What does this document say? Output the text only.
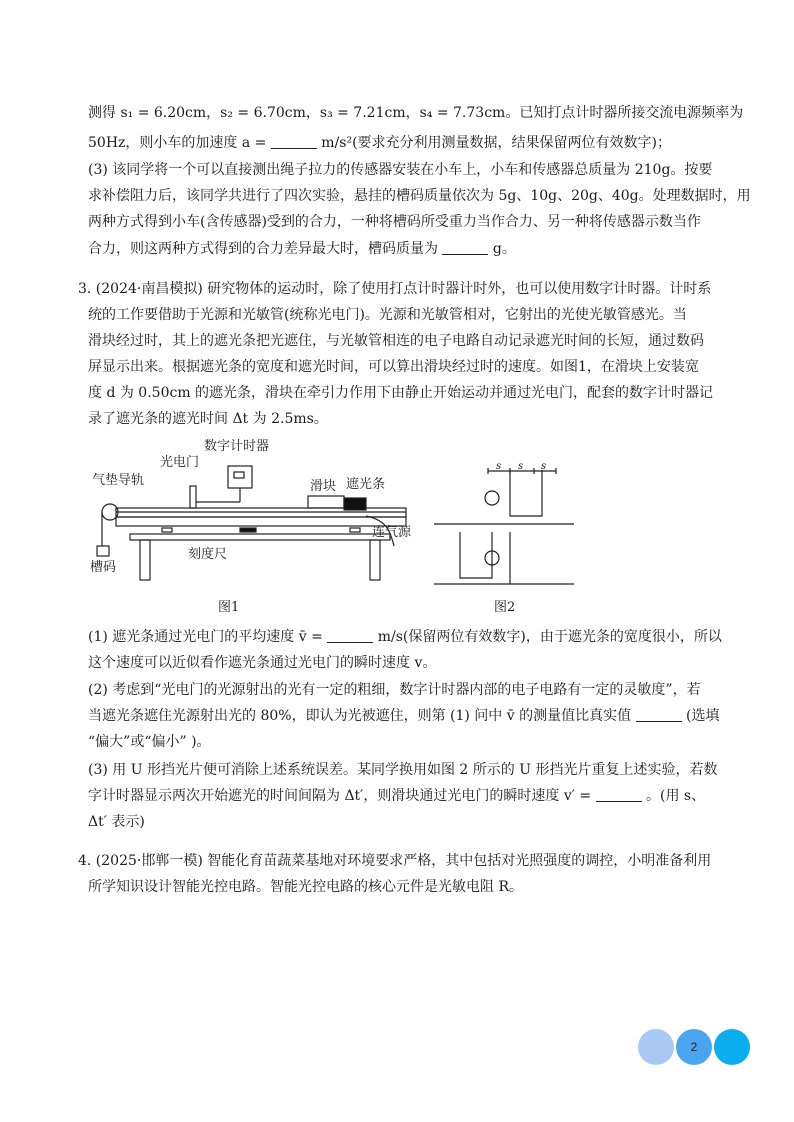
测得 s₁ = 6.20cm，s₂ = 6.70cm，s₃ = 7.21cm，s₄ = 7.73cm。已知打点计时器所接交流电源频率为
50Hz，则小车的加速度 a =	m/s²(要求充分利用测量数据，结果保留两位有效数字)；
(3) 该同学将一个可以直接测出绳子拉力的传感器安装在小车上，小车和传感器总质量为 210g。按要
求补偿阻力后，该同学共进行了四次实验，悬挂的槽码质量依次为 5g、10g、20g、40g。处理数据时，用
两种方式得到小车(含传感器)受到的合力，一种将槽码所受重力当作合力、另一种将传感器示数当作
合力，则这两种方式得到的合力差异最大时，槽码质量为	g。
3. (2024·南昌模拟) 研究物体的运动时，除了使用打点计时器计时外，也可以使用数字计时器。计时系
统的工作要借助于光源和光敏管(统称光电门)。光源和光敏管相对，它射出的光使光敏管感光。当
滑块经过时，其上的遮光条把光遮住，与光敏管相连的电子电路自动记录遮光时间的长短，通过数码
屏显示出来。根据遮光条的宽度和遮光时间，可以算出滑块经过时的速度。如图1，在滑块上安装宽
度 d 为 0.50cm 的遮光条，滑块在牵引力作用下由静止开始运动并通过光电门，配套的数字计时器记
录了遮光条的遮光时间 Δt 为 2.5ms。
数字计时器
光电门
气垫导轨	滑块 遮光条
槽码
刻度尺
连气源
图1
s s s
图2
(1) 遮光条通过光电门的平均速度 v̄ =	m/s(保留两位有效数字)，由于遮光条的宽度很小，所以
这个速度可以近似看作遮光条通过光电门的瞬时速度 v。
(2) 考虑到“光电门的光源射出的光有一定的粗细，数字计时器内部的电子电路有一定的灵敏度”，若
当遮光条遮住光源射出光的 80%，即认为光被遮住，则第 (1) 问中 v̄ 的测量值比真实值	(选填
“偏大”或“偏小” )。
(3) 用 U 形挡光片便可消除上述系统误差。某同学换用如图 2 所示的 U 形挡光片重复上述实验，若数
字计时器显示两次开始遮光的时间间隔为 Δt′，则滑块通过光电门的瞬时速度 v′ =	。(用 s、
Δt′ 表示)
4. (2025·邯郸一模) 智能化育苗蔬菜基地对环境要求严格，其中包括对光照强度的调控，小明准备利用
所学知识设计智能光控电路。智能光控电路的核心元件是光敏电阻 R。
2
